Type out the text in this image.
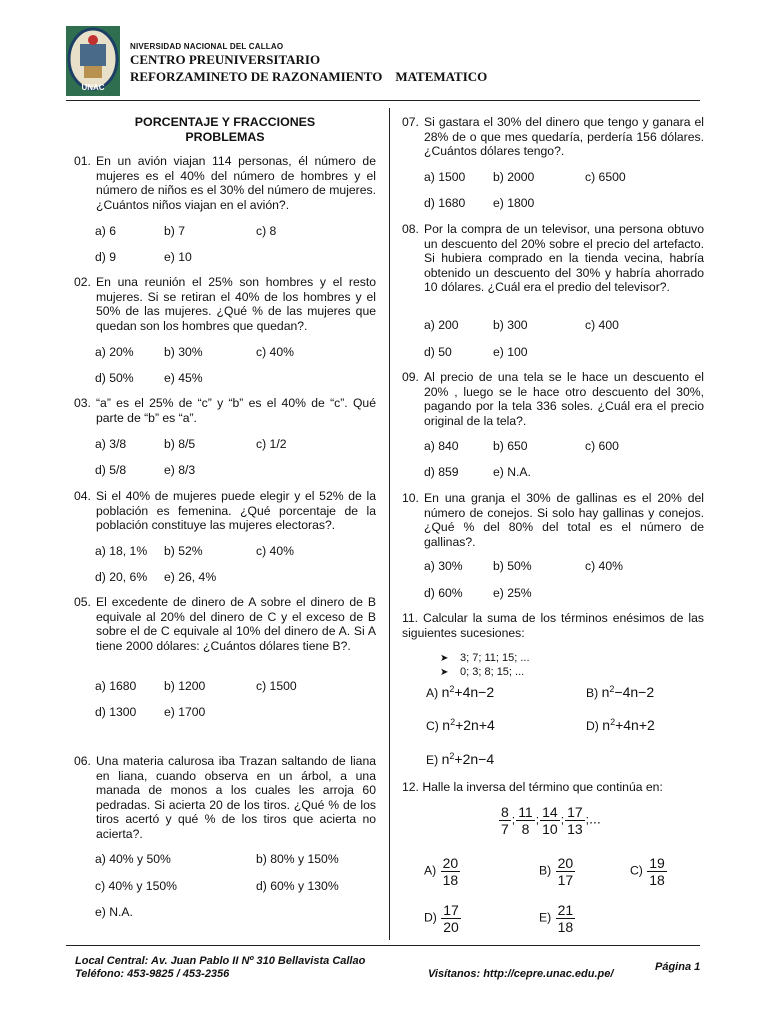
UNAC
NIVERSIDAD NACIONAL DEL CALLAO
CENTRO PREUNIVERSITARIO
REFORZAMINETO DE RAZONAMIENTO    MATEMATICO
PORCENTAJE Y FRACCIONES
PROBLEMAS
01. En un avión viajan 114 personas, él número de mujeres es el 40% del número de hombres y el número de niños es el 30% del número de mujeres. ¿Cuántos niños viajan en el avión?.
a) 6	b) 7	c) 8
d) 9	e) 10
02. En una reunión el 25% son hombres y el resto mujeres. Si se retiran el 40% de los hombres y el 50% de las mujeres. ¿Qué % de las mujeres que quedan son los hombres que quedan?.
a) 20% b) 30%	c) 40%
d) 50% e) 45%
03. “a” es el 25% de “c” y “b” es el 40% de “c”. Qué parte de “b” es “a”.
a) 3/8	b) 8/5	c) 1/2
d) 5/8	e) 8/3
04. Si el 40% de mujeres puede elegir y el 52% de la población es femenina. ¿Qué porcentaje de la población constituye las mujeres electoras?.
a) 18, 1% b) 52%	c) 40%
d) 20, 6% e) 26, 4%
05. El excedente de dinero de A sobre el dinero de B equivale al 20% del dinero de C y el exceso de B sobre el de C equivale al 10% del dinero de A. Si A tiene 2000 dólares: ¿Cuántos dólares tiene B?.
a) 1680 b) 1200	c) 1500
d) 1300 e) 1700
06. Una materia calurosa iba Trazan saltando de liana en liana, cuando observa en un árbol, a una manada de monos a los cuales les arroja 60 pedradas. Si acierta 20 de los tiros. ¿Qué % de los tiros acertó y qué % de los tiros que acierta no acierta?.
a) 40% y 50%	b) 80% y 150%
c) 40% y 150%	d) 60% y 130%
e) N.A.
07. Si gastara el 30% del dinero que tengo y ganara el 28% de o que mes quedaría, perdería 156 dólares. ¿Cuántos dólares tengo?.
a) 1500 b) 2000	c) 6500
d) 1680 e) 1800
08. Por la compra de un televisor, una persona obtuvo un descuento del 20% sobre el precio del artefacto. Si hubiera comprado en la tienda vecina, habría obtenido un descuento del 30% y habría ahorrado 10 dólares. ¿Cuál era el predio del televisor?.
a) 200	b) 300	c) 400
d) 50	e) 100
09. Al precio de una tela se le hace un descuento el 20% , luego se le hace otro descuento del 30%, pagando por la tela 336 soles. ¿Cuál era el precio original de la tela?.
a) 840	b) 650	c) 600
d) 859	e) N.A.
10. En una granja el 30% de gallinas es el 20% del número de conejos. Si solo hay gallinas y conejos. ¿Qué % del 80% del total es el número de gallinas?.
a) 30% b) 50%	c) 40%
d) 60% e) 25%
11. Calcular la suma de los términos enésimos de las siguientes sucesiones:
➤ 3; 7; 11; 15; ...
➤ 0; 3; 8; 15; ...
A) $n^2+4n-2$	B) $n^2-4n-2$
C) $n^2+2n+4$	D) $n^2+4n+2$
E) $n^2+2n-4$
12. Halle la inversa del término que continúa en:
$\frac{8}{7}$ ; $\frac{11}{8}$ ; $\frac{14}{10}$ ; $\frac{17}{13}$ ;...
$A) \frac{20}{18}$	$B) \frac{20}{17}$	$C) \frac{19}{18}$
$D) \frac{17}{20}$	$E) \frac{21}{18}$
Local Central: Av. Juan Pablo II Nº 310 Bellavista Callao
Teléfono: 453-9825 / 453-2356	Visítanos: http://cepre.unac.edu.pe/
Página 1
